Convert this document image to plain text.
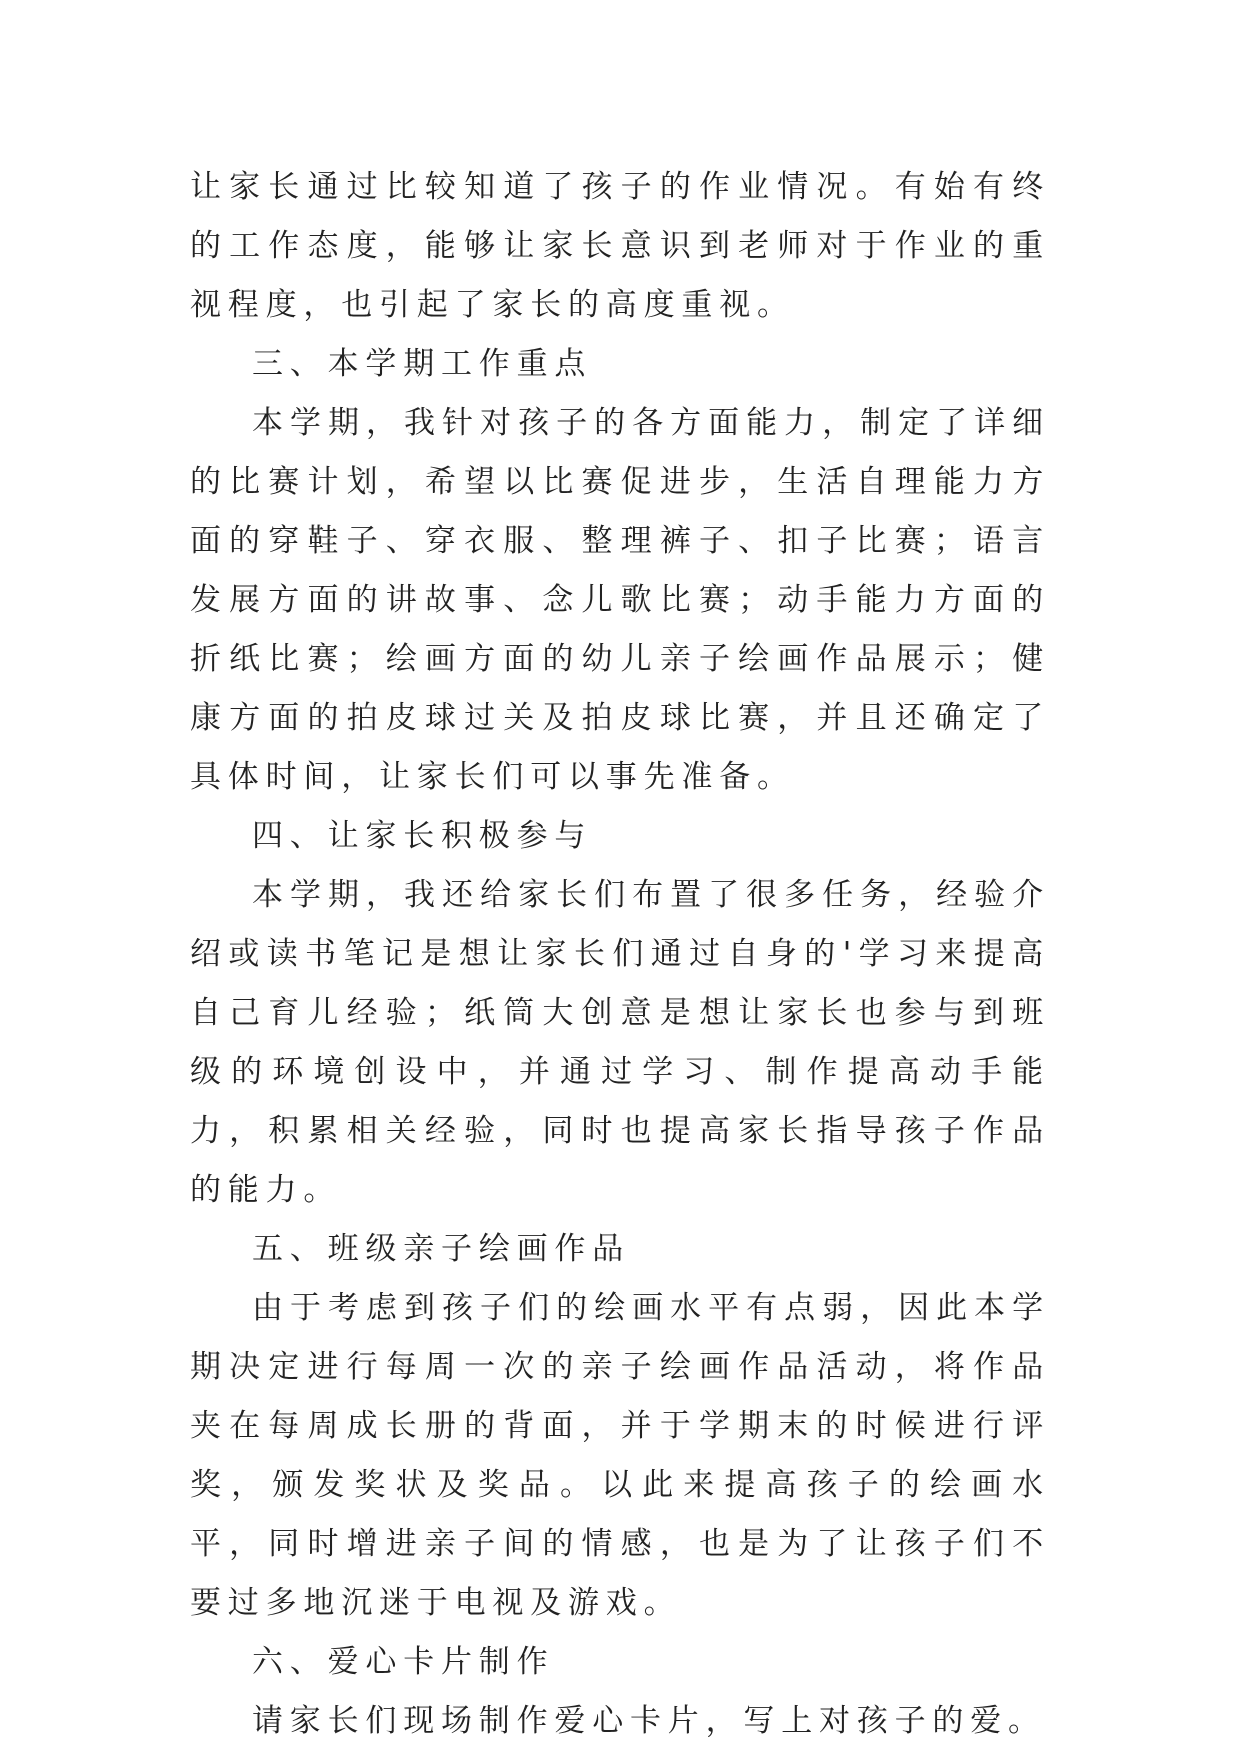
让家长通过比较知道了孩子的作业情况。有始有终的工作态度，能够让家长意识到老师对于作业的重视程度，也引起了家长的高度重视。

三、本学期工作重点

本学期，我针对孩子的各方面能力，制定了详细的比赛计划，希望以比赛促进步，生活自理能力方面的穿鞋子、穿衣服、整理裤子、扣子比赛；语言发展方面的讲故事、念儿歌比赛；动手能力方面的折纸比赛；绘画方面的幼儿亲子绘画作品展示；健康方面的拍皮球过关及拍皮球比赛，并且还确定了具体时间，让家长们可以事先准备。

四、让家长积极参与

本学期，我还给家长们布置了很多任务，经验介绍或读书笔记是想让家长们通过自身的'学习来提高自己育儿经验；纸筒大创意是想让家长也参与到班级的环境创设中，并通过学习、制作提高动手能力，积累相关经验，同时也提高家长指导孩子作品的能力。

五、班级亲子绘画作品

由于考虑到孩子们的绘画水平有点弱，因此本学期决定进行每周一次的亲子绘画作品活动，将作品夹在每周成长册的背面，并于学期末的时候进行评奖，颁发奖状及奖品。以此来提高孩子的绘画水平，同时增进亲子间的情感，也是为了让孩子们不要过多地沉迷于电视及游戏。

六、爱心卡片制作

请家长们现场制作爱心卡片，写上对孩子的爱。
